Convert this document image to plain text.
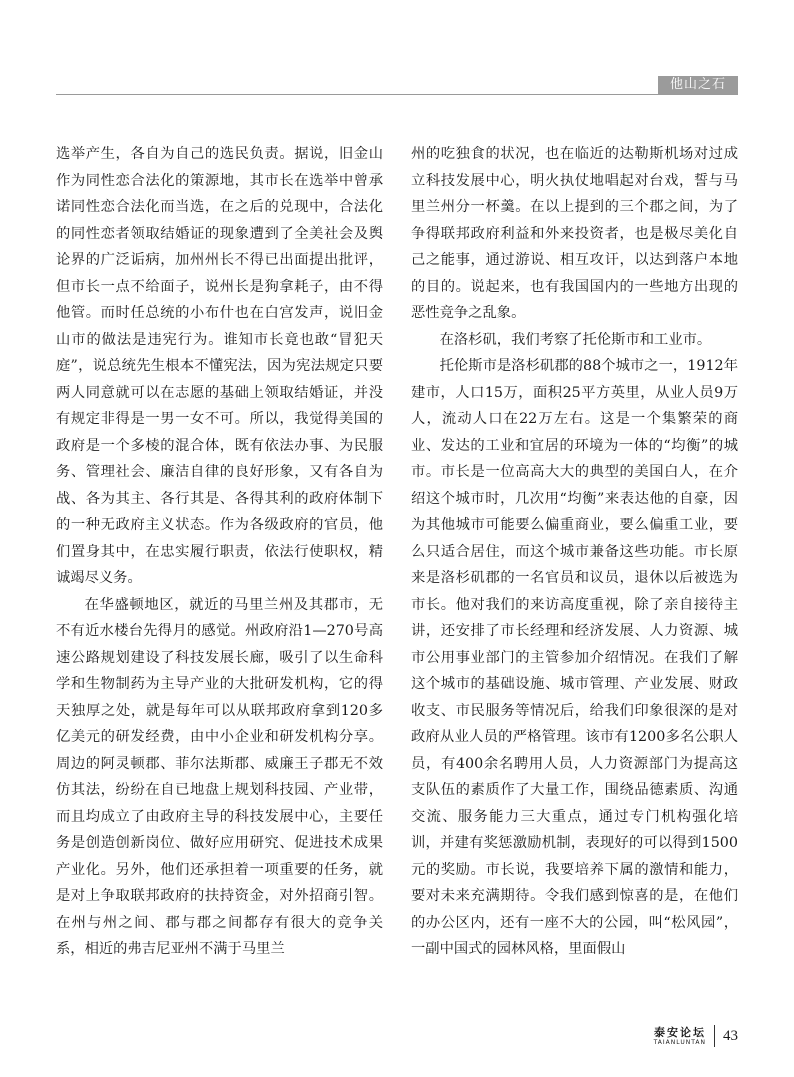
他山之石

选举产生，各自为自己的选民负责。据说，旧金山作为同性恋合法化的策源地，其市长在选举中曾承诺同性恋合法化而当选，在之后的兑现中，合法化的同性恋者领取结婚证的现象遭到了全美社会及舆论界的广泛诟病，加州州长不得已出面提出批评，但市长一点不给面子，说州长是狗拿耗子，由不得他管。而时任总统的小布什也在白宫发声，说旧金山市的做法是违宪行为。谁知市长竟也敢“冒犯天庭”，说总统先生根本不懂宪法，因为宪法规定只要两人同意就可以在志愿的基础上领取结婚证，并没有规定非得是一男一女不可。所以，我觉得美国的政府是一个多棱的混合体，既有依法办事、为民服务、管理社会、廉洁自律的良好形象，又有各自为战、各为其主、各行其是、各得其利的政府体制下的一种无政府主义状态。作为各级政府的官员，他们置身其中，在忠实履行职责，依法行使职权，精诚竭尽义务。

在华盛顿地区，就近的马里兰州及其郡市，无不有近水楼台先得月的感觉。州政府沿1—270号高速公路规划建设了科技发展长廊，吸引了以生命科学和生物制药为主导产业的大批研发机构，它的得天独厚之处，就是每年可以从联邦政府拿到120多亿美元的研发经费，由中小企业和研发机构分享。周边的阿灵顿郡、菲尔法斯郡、威廉王子郡无不效仿其法，纷纷在自已地盘上规划科技园、产业带，而且均成立了由政府主导的科技发展中心，主要任务是创造创新岗位、做好应用研究、促进技术成果产业化。另外，他们还承担着一项重要的任务，就是对上争取联邦政府的扶持资金，对外招商引智。在州与州之间、郡与郡之间都存有很大的竞争关系，相近的弗吉尼亚州不满于马里兰

州的吃独食的状况，也在临近的达勒斯机场对过成立科技发展中心，明火执仗地唱起对台戏，誓与马里兰州分一杯羹。在以上提到的三个郡之间，为了争得联邦政府利益和外来投资者，也是极尽美化自己之能事，通过游说、相互攻讦，以达到落户本地的目的。说起来，也有我国国内的一些地方出现的恶性竞争之乱象。

在洛杉矶，我们考察了托伦斯市和工业市。

托伦斯市是洛杉矶郡的88个城市之一，1912年建市，人口15万，面积25平方英里，从业人员9万人，流动人口在22万左右。这是一个集繁荣的商业、发达的工业和宜居的环境为一体的“均衡”的城市。市长是一位高高大大的典型的美国白人，在介绍这个城市时，几次用“均衡”来表达他的自豪，因为其他城市可能要么偏重商业，要么偏重工业，要么只适合居住，而这个城市兼备这些功能。市长原来是洛杉矶郡的一名官员和议员，退休以后被选为市长。他对我们的来访高度重视，除了亲自接待主讲，还安排了市长经理和经济发展、人力资源、城市公用事业部门的主管参加介绍情况。在我们了解这个城市的基础设施、城市管理、产业发展、财政收支、市民服务等情况后，给我们印象很深的是对政府从业人员的严格管理。该市有1200多名公职人员，有400余名聘用人员，人力资源部门为提高这支队伍的素质作了大量工作，围绕品德素质、沟通交流、服务能力三大重点，通过专门机构强化培训，并建有奖惩激励机制，表现好的可以得到1500元的奖励。市长说，我要培养下属的激情和能力，要对未来充满期待。令我们感到惊喜的是，在他们的办公区内，还有一座不大的公园，叫“松风园”，一副中国式的园林风格，里面假山

泰安论坛
TAIANLUNTAN 43
